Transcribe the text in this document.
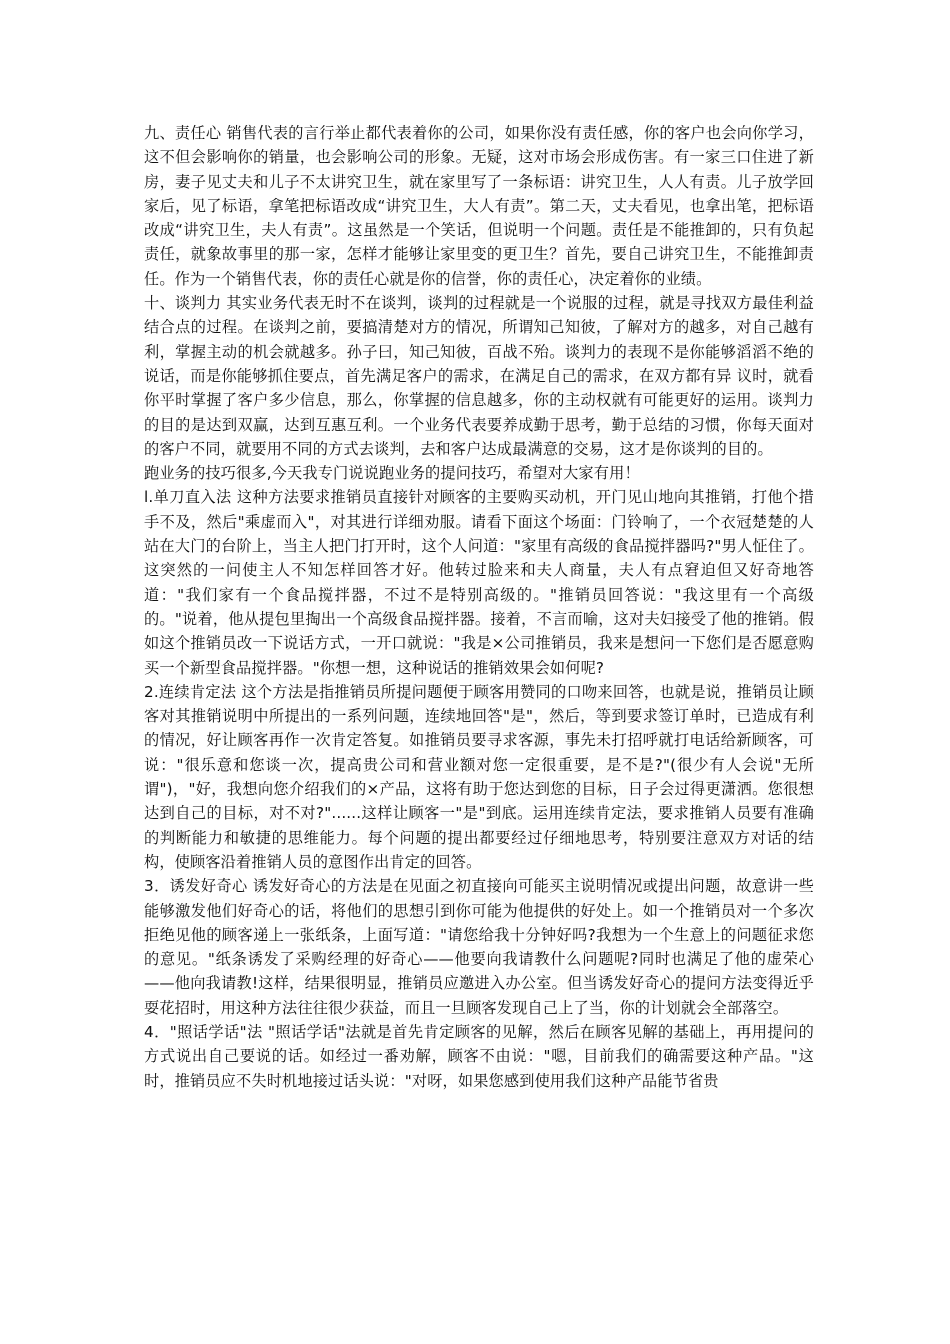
九、责任心 销售代表的言行举止都代表着你的公司，如果你没有责任感，你的客户也会向你学习，这不但会影响你的销量，也会影响公司的形象。无疑，这对市场会形成伤害。有一家三口住进了新房，妻子见丈夫和儿子不太讲究卫生，就在家里写了一条标语：讲究卫生，人人有责。儿子放学回家后，见了标语，拿笔把标语改成“讲究卫生，大人有责”。第二天，丈夫看见，也拿出笔，把标语改成“讲究卫生，夫人有责”。这虽然是一个笑话，但说明一个问题。责任是不能推卸的，只有负起责任，就象故事里的那一家，怎样才能够让家里变的更卫生？首先，要自己讲究卫生，不能推卸责任。作为一个销售代表，你的责任心就是你的信誉，你的责任心，决定着你的业绩。

十、谈判力 其实业务代表无时不在谈判，谈判的过程就是一个说服的过程，就是寻找双方最佳利益结合点的过程。在谈判之前，要搞清楚对方的情况，所谓知己知彼，了解对方的越多，对自己越有利，掌握主动的机会就越多。孙子曰，知己知彼，百战不殆。谈判力的表现不是你能够滔滔不绝的说话，而是你能够抓住要点，首先满足客户的需求，在满足自己的需求，在双方都有异 议时，就看你平时掌握了客户多少信息，那么，你掌握的信息越多，你的主动权就有可能更好的运用。谈判力的目的是达到双赢，达到互惠互利。一个业务代表要养成勤于思考，勤于总结的习惯，你每天面对的客户不同，就要用不同的方式去谈判，去和客户达成最满意的交易，这才是你谈判的目的。

跑业务的技巧很多,今天我专门说说跑业务的提问技巧，希望对大家有用！

l.单刀直入法 这种方法要求推销员直接针对顾客的主要购买动机，开门见山地向其推销，打他个措手不及，然后"乘虚而入"，对其进行详细劝服。请看下面这个场面：门铃响了，一个衣冠楚楚的人站在大门的台阶上，当主人把门打开时，这个人问道："家里有高级的食品搅拌器吗?"男人怔住了。这突然的一问使主人不知怎样回答才好。他转过脸来和夫人商量，夫人有点窘迫但又好奇地答道："我们家有一个食品搅拌器，不过不是特别高级的。"推销员回答说："我这里有一个高级的。"说着，他从提包里掏出一个高级食品搅拌器。接着，不言而喻，这对夫妇接受了他的推销。假如这个推销员改一下说话方式，一开口就说："我是×公司推销员，我来是想问一下您们是否愿意购买一个新型食品搅拌器。"你想一想，这种说话的推销效果会如何呢?

2.连续肯定法 这个方法是指推销员所提问题便于顾客用赞同的口吻来回答，也就是说，推销员让顾客对其推销说明中所提出的一系列问题，连续地回答"是"，然后，等到要求签订单时，已造成有利的情况，好让顾客再作一次肯定答复。如推销员要寻求客源，事先未打招呼就打电话给新顾客，可说："很乐意和您谈一次，提高贵公司和营业额对您一定很重要，是不是?"(很少有人会说"无所谓")，"好，我想向您介绍我们的×产品，这将有助于您达到您的目标，日子会过得更潇洒。您很想达到自己的目标，对不对?"......这样让顾客一"是"到底。运用连续肯定法，要求推销人员要有准确的判断能力和敏捷的思维能力。每个问题的提出都要经过仔细地思考，特别要注意双方对话的结构，使顾客沿着推销人员的意图作出肯定的回答。

3．诱发好奇心 诱发好奇心的方法是在见面之初直接向可能买主说明情况或提出问题，故意讲一些能够激发他们好奇心的话，将他们的思想引到你可能为他提供的好处上。如一个推销员对一个多次拒绝见他的顾客递上一张纸条，上面写道："请您给我十分钟好吗?我想为一个生意上的问题征求您的意见。"纸条诱发了采购经理的好奇心——他要向我请教什么问题呢?同时也满足了他的虚荣心——他向我请教!这样，结果很明显，推销员应邀进入办公室。但当诱发好奇心的提问方法变得近乎耍花招时，用这种方法往往很少获益，而且一旦顾客发现自己上了当，你的计划就会全部落空。

4．"照话学话"法 "照话学话"法就是首先肯定顾客的见解，然后在顾客见解的基础上，再用提问的方式说出自己要说的话。如经过一番劝解，顾客不由说："嗯，目前我们的确需要这种产品。"这时，推销员应不失时机地接过话头说："对呀，如果您感到使用我们这种产品能节省贵
